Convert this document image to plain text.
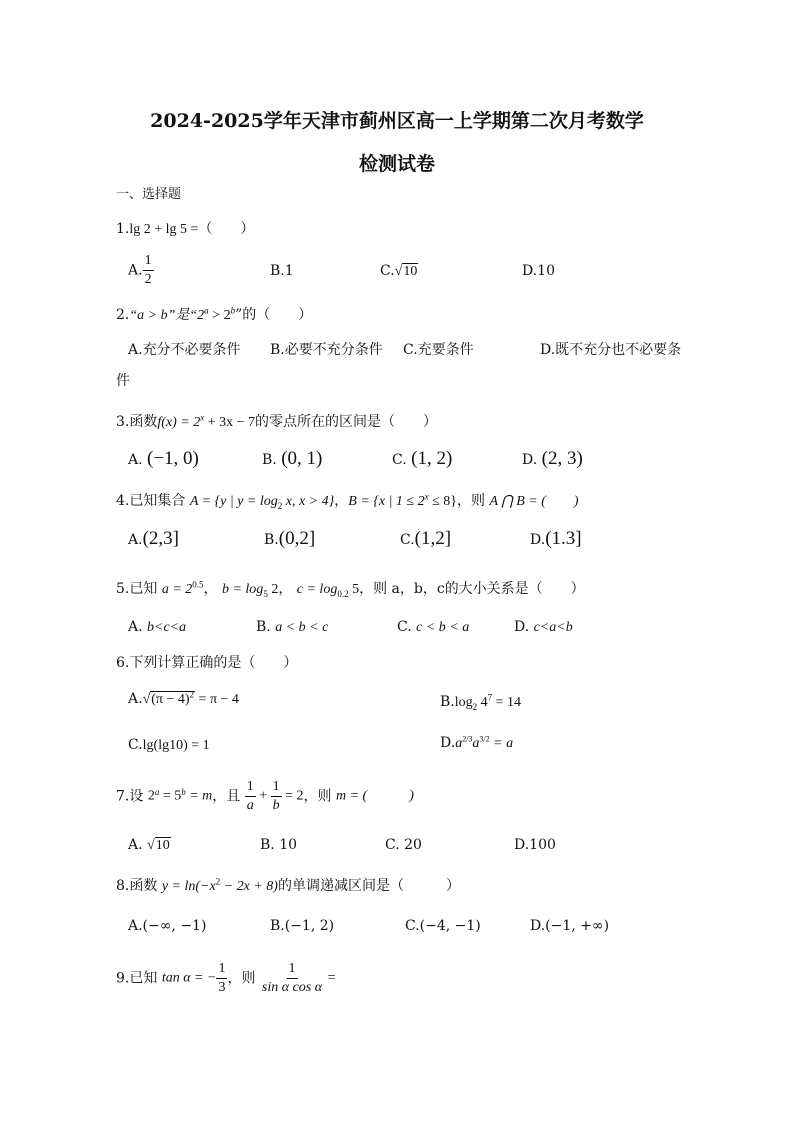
2024-2025学年天津市蓟州区高一上学期第二次月考数学
检测试卷
一、选择题
1.lg 2 + lg 5 =（　　）
A. $\frac{1}{2}$	B.1	C.√10	D.10
2.“a > b”是“$2^a > 2^b$”的（　　）
A.充分不必要条件 B.必要不充分条件 C.充要条件	D.既不充分也不必要条
件
3.函数$f(x) = 2^x + 3x - 7$的零点所在的区间是（　　）
A. (−1, 0)	B. (0, 1)	C. (1, 2)	D. (2, 3)
4.已知集合 A = {y | $y = \log_2 x$, x > 4}，B = {x | $1 \le 2^x \le 8$}，则 A ⋂ B = (　　)
A.(2,3]	B.(0,2]	C.(1,2]	D.(1.3]
5.已知 $a = 2^{0.5}$， $b = \log_5 2$， $c = \log_{0.2} 5$，则 a，b，c的大小关系是（　　）
A. b<c<a	B. a < b < c	C. c < b < a	D. c<a<b
6.下列计算正确的是（　　）
$A.√(\pi - 4)^2 = \pi - 4$	$B.\log_2$ $4^7 = 14$
C.lg(lg10) = 1	$D.a^{2/3}a^{3/2} = a$
7.设 $2^a = 5^b = m$，且 $\frac{1}{a} + \frac{1}{b} = 2$，则 m = (　　　)
A. √10	B. 10	C. 20	D.100
8.函数 $y = \ln(-x^2 - 2x + 8)$的单调递减区间是（　　　）
A.(−∞, −1)	B.(−1, 2)	C.(−4, −1)	D.(−1, +∞)
9.已知 tan α = − $\frac{1}{3}$ ，则 $\frac{1}{\text{sin α cos α}}$ =
